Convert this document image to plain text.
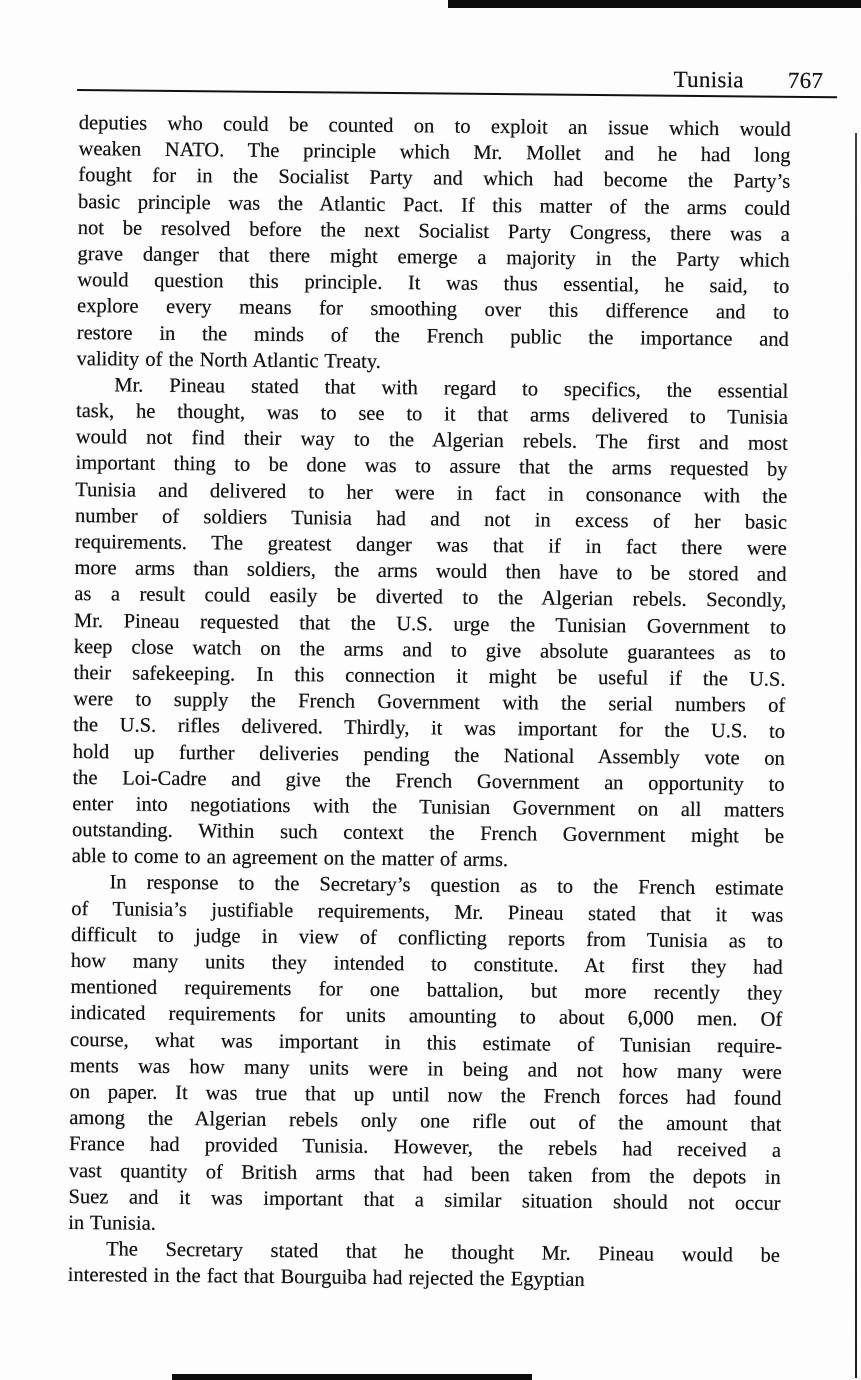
Tunisia 767
deputies who could be counted on to exploit an issue which would
weaken NATO. The principle which Mr. Mollet and he had long
fought for in the Socialist Party and which had become the Party’s
basic principle was the Atlantic Pact. If this matter of the arms could
not be resolved before the next Socialist Party Congress, there was a
grave danger that there might emerge a majority in the Party which
would question this principle. It was thus essential, he said, to
explore every means for smoothing over this difference and to
restore in the minds of the French public the importance and
validity of the North Atlantic Treaty.
Mr. Pineau stated that with regard to specifics, the essential
task, he thought, was to see to it that arms delivered to Tunisia
would not find their way to the Algerian rebels. The first and most
important thing to be done was to assure that the arms requested by
Tunisia and delivered to her were in fact in consonance with the
number of soldiers Tunisia had and not in excess of her basic
requirements. The greatest danger was that if in fact there were
more arms than soldiers, the arms would then have to be stored and
as a result could easily be diverted to the Algerian rebels. Secondly,
Mr. Pineau requested that the U.S. urge the Tunisian Government to
keep close watch on the arms and to give absolute guarantees as to
their safekeeping. In this connection it might be useful if the U.S.
were to supply the French Government with the serial numbers of
the U.S. rifles delivered. Thirdly, it was important for the U.S. to
hold up further deliveries pending the National Assembly vote on
the Loi-Cadre and give the French Government an opportunity to
enter into negotiations with the Tunisian Government on all matters
outstanding. Within such context the French Government might be
able to come to an agreement on the matter of arms.
In response to the Secretary’s question as to the French estimate
of Tunisia’s justifiable requirements, Mr. Pineau stated that it was
difficult to judge in view of conflicting reports from Tunisia as to
how many units they intended to constitute. At first they had
mentioned requirements for one battalion, but more recently they
indicated requirements for units amounting to about 6,000 men. Of
course, what was important in this estimate of Tunisian require-
ments was how many units were in being and not how many were
on paper. It was true that up until now the French forces had found
among the Algerian rebels only one rifle out of the amount that
France had provided Tunisia. However, the rebels had received a
vast quantity of British arms that had been taken from the depots in
Suez and it was important that a similar situation should not occur
in Tunisia.
The Secretary stated that he thought Mr. Pineau would be
interested in the fact that Bourguiba had rejected the Egyptian
